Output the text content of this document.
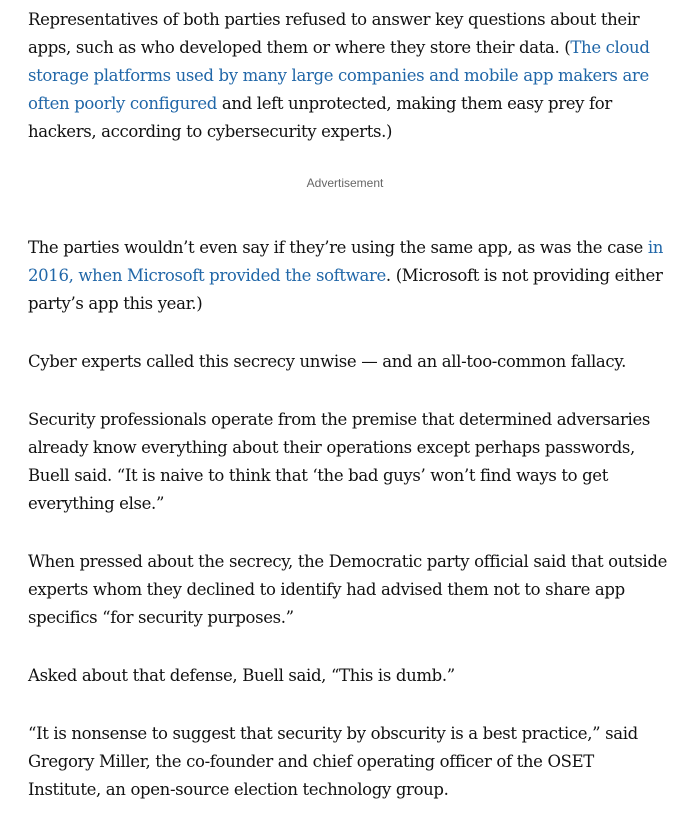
Representatives of both parties refused to answer key questions about their apps, such as who developed them or where they store their data. (The cloud storage platforms used by many large companies and mobile app makers are often poorly configured and left unprotected, making them easy prey for hackers, according to cybersecurity experts.)

Advertisement

The parties wouldn’t even say if they’re using the same app, as was the case in 2016, when Microsoft provided the software. (Microsoft is not providing either party’s app this year.)

Cyber experts called this secrecy unwise — and an all-too-common fallacy.

Security professionals operate from the premise that determined adversaries already know everything about their operations except perhaps passwords, Buell said. “It is naive to think that ‘the bad guys’ won’t find ways to get everything else.”

When pressed about the secrecy, the Democratic party official said that outside experts whom they declined to identify had advised them not to share app specifics “for security purposes.”

Asked about that defense, Buell said, “This is dumb.”

“It is nonsense to suggest that security by obscurity is a best practice,” said Gregory Miller, the co-founder and chief operating officer of the OSET Institute, an open-source election technology group.
